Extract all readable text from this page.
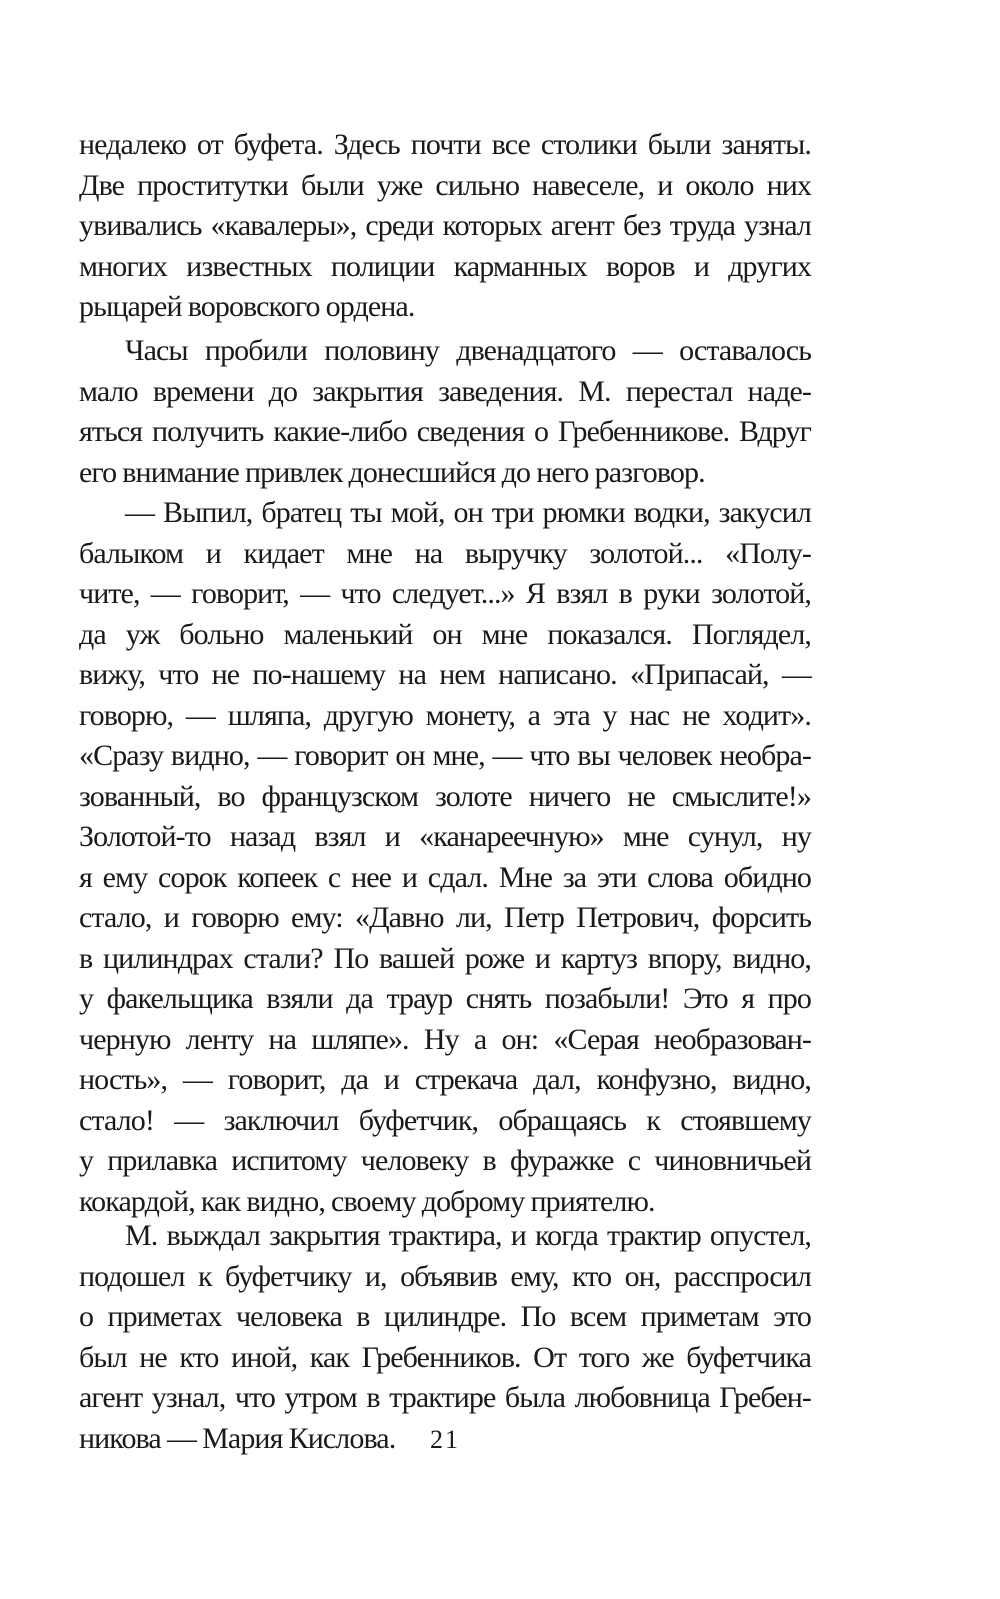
недалеко от буфета. Здесь почти все столики были заняты.
Две проститутки были уже сильно навеселе, и около них
увивались «кавалеры», среди которых агент без труда узнал
многих известных полиции карманных воров и других
рыцарей воровского ордена.
Часы пробили половину двенадцатого — оставалось
мало времени до закрытия заведения. М. перестал наде-
яться получить какие-либо сведения о Гребенникове. Вдруг
его внимание привлек донесшийся до него разговор.
— Выпил, братец ты мой, он три рюмки водки, закусил
балыком и кидает мне на выручку золотой... «Полу-
чите, — говорит, — что следует...» Я взял в руки золотой,
да уж больно маленький он мне показался. Поглядел,
вижу, что не по-нашему на нем написано. «Припасай, —
говорю, — шляпа, другую монету, а эта у нас не ходит».
«Сразу видно, — говорит он мне, — что вы человек необра-
зованный, во французском золоте ничего не смыслите!»
Золотой-то назад взял и «канареечную» мне сунул, ну
я ему сорок копеек с нее и сдал. Мне за эти слова обидно
стало, и говорю ему: «Давно ли, Петр Петрович, форсить
в цилиндрах стали? По вашей роже и картуз впору, видно,
у факельщика взяли да траур снять позабыли! Это я про
черную ленту на шляпе». Ну а он: «Серая необразован-
ность», — говорит, да и стрекача дал, конфузно, видно,
стало! — заключил буфетчик, обращаясь к стоявшему
у прилавка испитому человеку в фуражке с чиновничьей
кокардой, как видно, своему доброму приятелю.
М. выждал закрытия трактира, и когда трактир опустел,
подошел к буфетчику и, объявив ему, кто он, расспросил
о приметах человека в цилиндре. По всем приметам это
был не кто иной, как Гребенников. От того же буфетчика
агент узнал, что утром в трактире была любовница Гребен-
никова — Мария Кислова.	21
